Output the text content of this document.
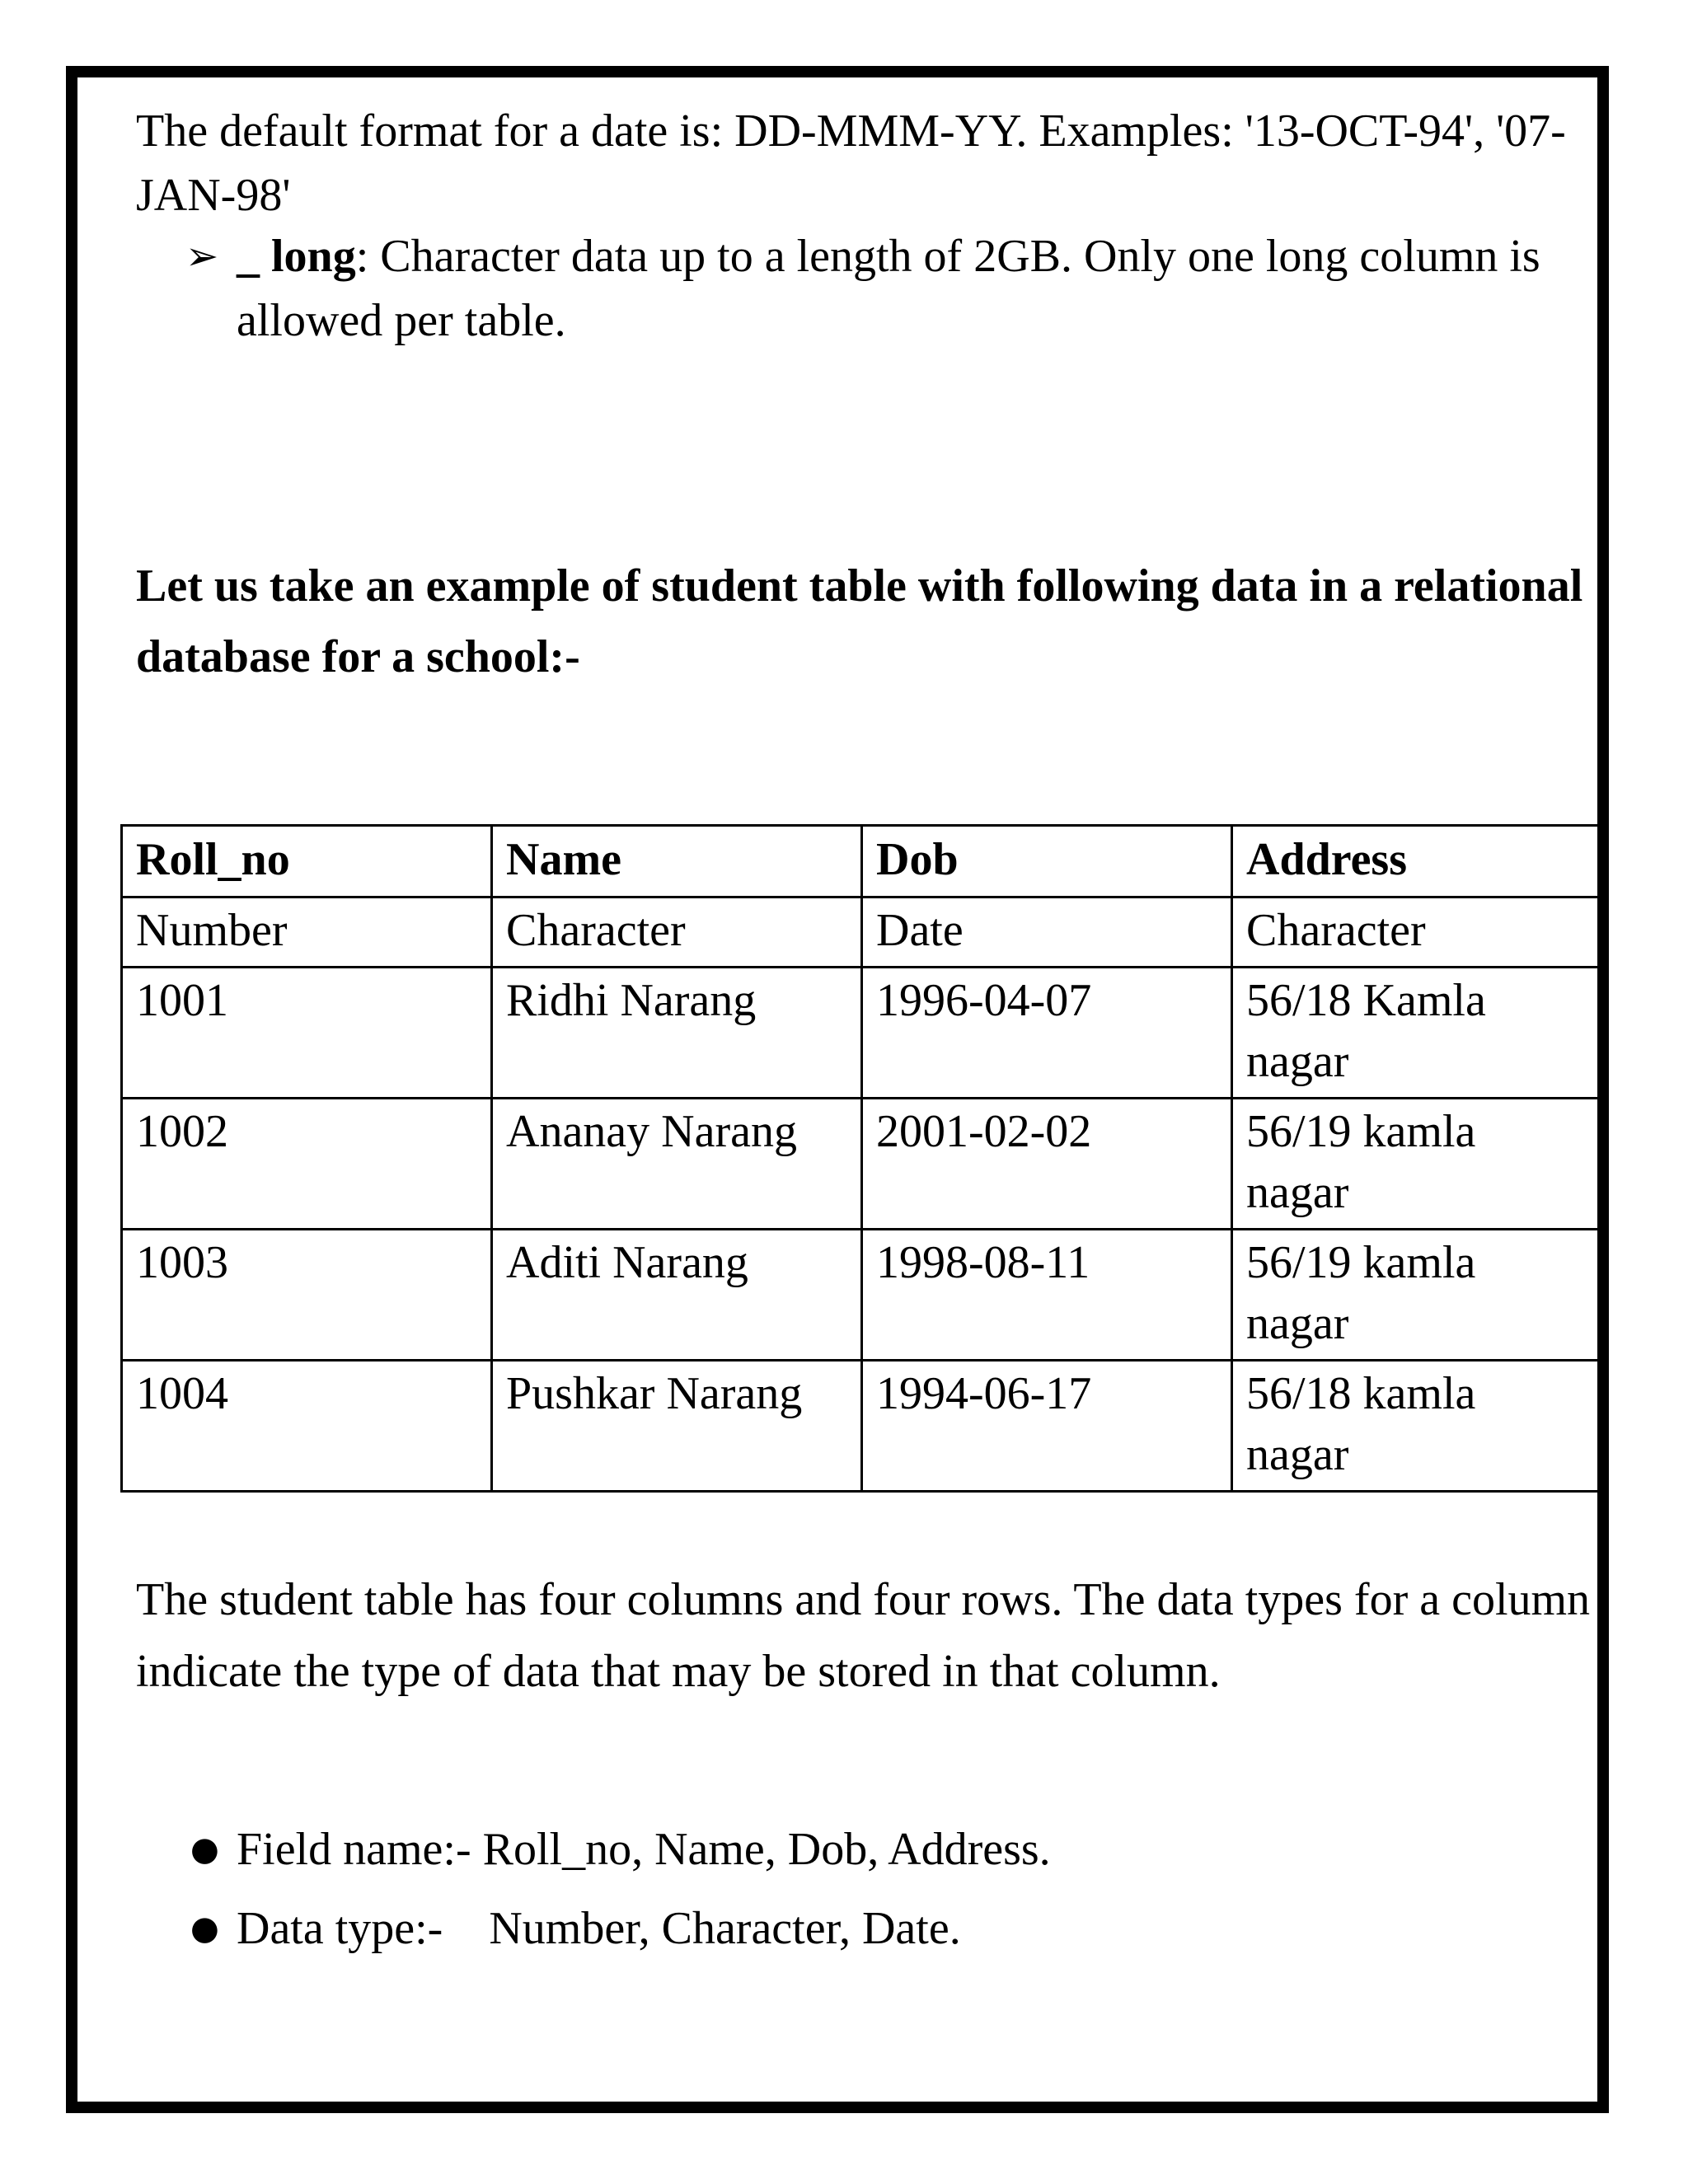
The default format for a date is: DD-MMM-YY. Examples: '13-OCT-94', '07-JAN-98'

➢ _ long: Character data up to a length of 2GB. Only one long column is allowed per table.

Let us take an example of student table with following data in a relational database for a school:-

Roll_no	Name	Dob	Address
Number	Character	Date	Character
1001	Ridhi Narang	1996-04-07	56/18 Kamla nagar
1002	Ananay Narang	2001-02-02	56/19 kamla nagar
1003	Aditi Narang	1998-08-11	56/19 kamla nagar
1004	Pushkar Narang	1994-06-17	56/18 kamla nagar

The student table has four columns and four rows. The data types for a column indicate the type of data that may be stored in that column.

● Field name:- Roll_no, Name, Dob, Address.
● Data type:-    Number, Character, Date.
